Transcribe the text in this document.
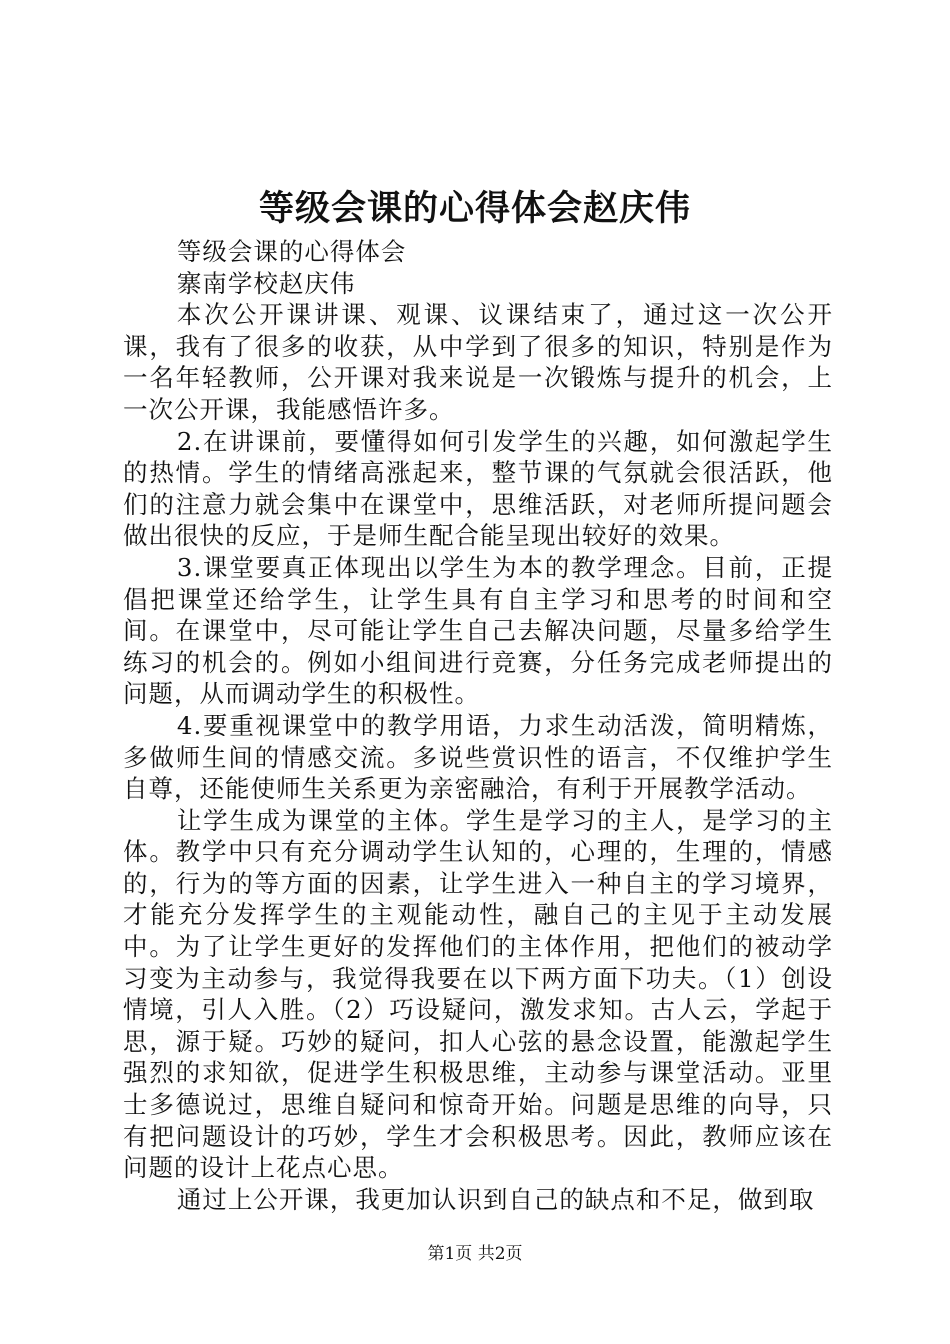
等级会课的心得体会赵庆伟

等级会课的心得体会

寨南学校赵庆伟

本次公开课讲课、观课、议课结束了，通过这一次公开课，我有了很多的收获，从中学到了很多的知识，特别是作为一名年轻教师，公开课对我来说是一次锻炼与提升的机会，上一次公开课，我能感悟许多。

2.在讲课前，要懂得如何引发学生的兴趣，如何激起学生的热情。学生的情绪高涨起来，整节课的气氛就会很活跃，他们的注意力就会集中在课堂中，思维活跃，对老师所提问题会做出很快的反应，于是师生配合能呈现出较好的效果。

3.课堂要真正体现出以学生为本的教学理念。目前，正提倡把课堂还给学生，让学生具有自主学习和思考的时间和空间。在课堂中，尽可能让学生自己去解决问题，尽量多给学生练习的机会的。例如小组间进行竞赛，分任务完成老师提出的问题，从而调动学生的积极性。

4.要重视课堂中的教学用语，力求生动活泼，简明精炼，多做师生间的情感交流。多说些赏识性的语言，不仅维护学生自尊，还能使师生关系更为亲密融洽，有利于开展教学活动。

让学生成为课堂的主体。学生是学习的主人，是学习的主体。教学中只有充分调动学生认知的，心理的，生理的，情感的，行为的等方面的因素，让学生进入一种自主的学习境界，才能充分发挥学生的主观能动性，融自己的主见于主动发展中。为了让学生更好的发挥他们的主体作用，把他们的被动学习变为主动参与，我觉得我要在以下两方面下功夫。（1）创设情境，引人入胜。（2）巧设疑问，激发求知。古人云，学起于思，源于疑。巧妙的疑问，扣人心弦的悬念设置，能激起学生强烈的求知欲，促进学生积极思维，主动参与课堂活动。亚里士多德说过，思维自疑问和惊奇开始。问题是思维的向导，只有把问题设计的巧妙，学生才会积极思考。因此，教师应该在问题的设计上花点心思。

通过上公开课，我更加认识到自己的缺点和不足，做到取

第1页 共2页
